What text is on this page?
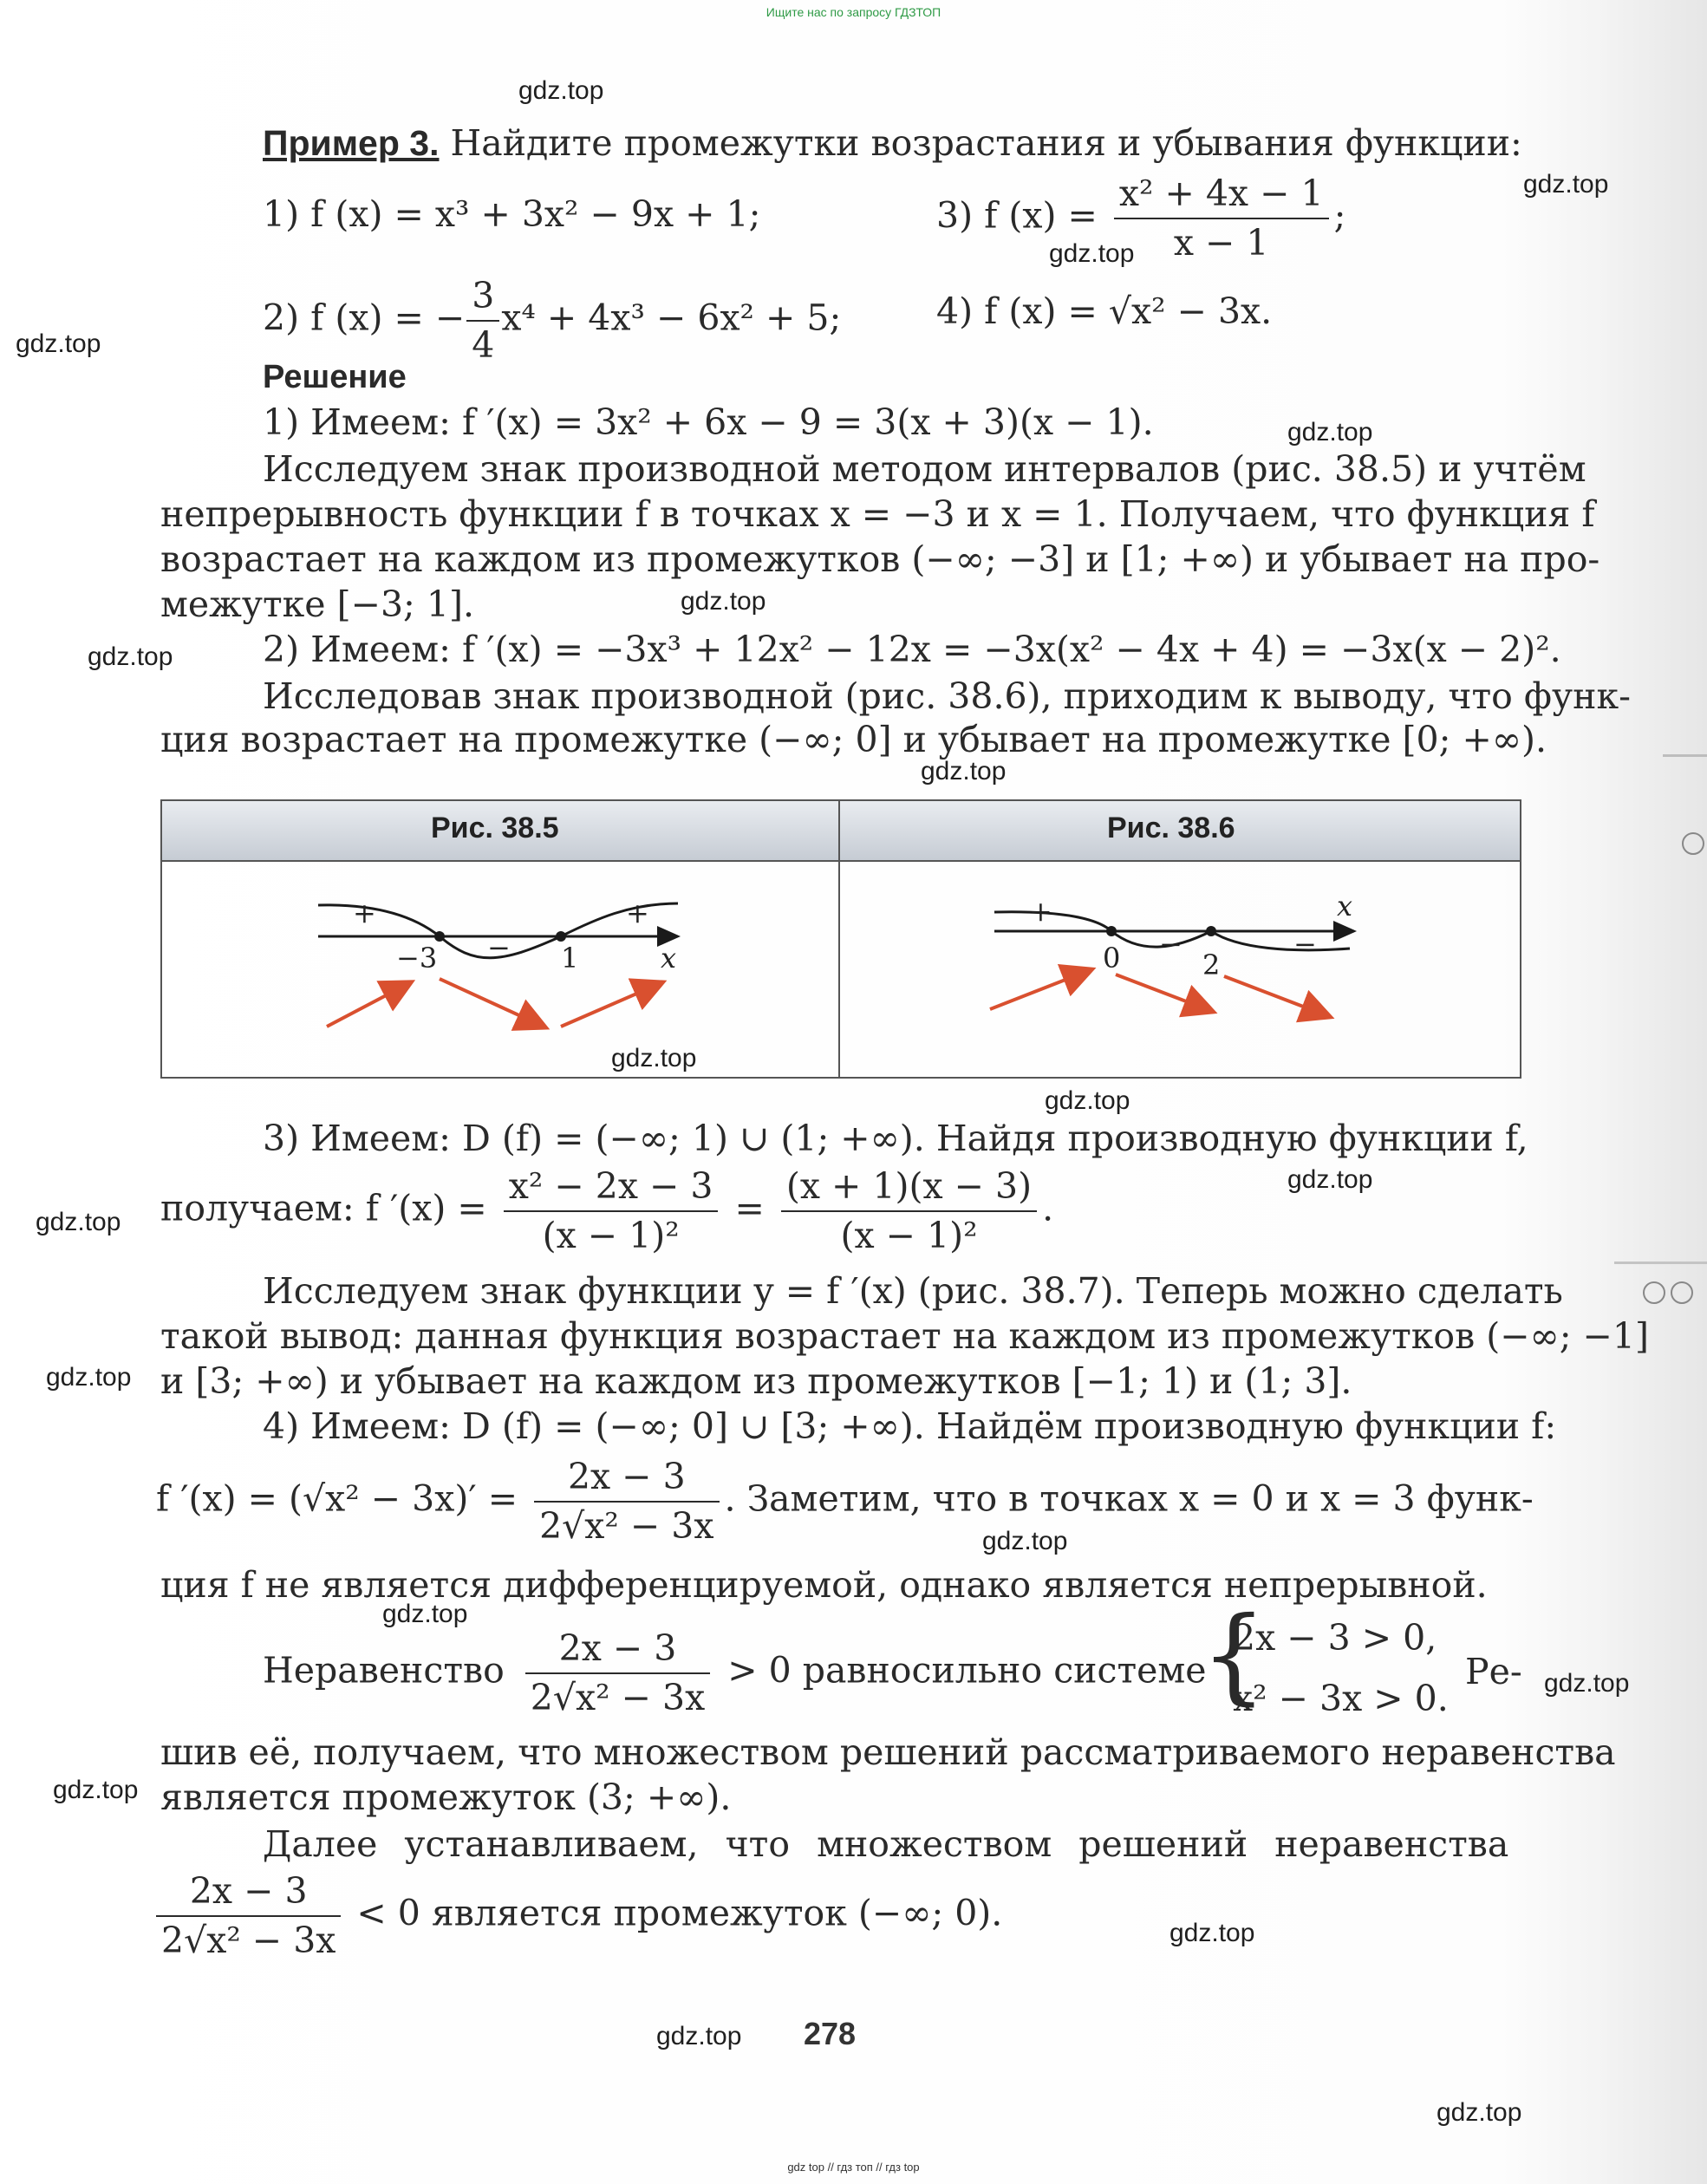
Ищите нас по запросу ГДЗТОП
gdz.top
gdz.top
gdz.top
gdz.top
gdz.top
gdz.top
gdz.top
gdz.top
gdz.top
gdz.top
gdz.top
gdz.top
gdz.top
gdz.top
gdz.top
gdz.top
gdz.top
gdz.top
gdz.top
gdz.top
Пример 3. Найдите промежутки возрастания и убывания функции:
1) f (x) = x³ + 3x² − 9x + 1;	3) f $(x) = \frac{\text{x² + 4x − 1}}{x - 1}$ ;
2) f (x) = − $\frac{3}{4} x^4 + 4x^3 - 6x^2 + 5$;	4) f (x) = √x² − 3x.
Решение
1) Имеем: f ′(x) = 3x² + 6x − 9 = 3(x + 3)(x − 1).
Исследуем знак производной методом интервалов (рис. 38.5) и учтём
непрерывность функции f в точках x = −3 и x = 1. Получаем, что функция f
возрастает на каждом из промежутков (−∞; −3] и [1; +∞) и убывает на про-
межутке [−3; 1].
2) Имеем: f ′(x) = −3x³ + 12x² − 12x = −3x(x² − 4x + 4) = −3x(x − 2)².
Исследовав знак производной (рис. 38.6), приходим к выводу, что функ-
ция возрастает на промежутке (−∞; 0] и убывает на промежутке [0; +∞).
Рис. 38.5	Рис. 38.6
+
−
+
−3	1	x
+
−	−
0	2
x
3) Имеем: D (f) = (−∞; 1) ∪ (1; +∞). Найдя производную функции f,
получаем: f $'(x) = \frac{\text{x² − 2x − 3}}{\text{(x − 1)²}} = \frac{(x + 1)(x - 3)}{\text{(x − 1)²}}$ .
Исследуем знак функции y = f ′(x) (рис. 38.7). Теперь можно сделать
такой вывод: данная функция возрастает на каждом из промежутков (−∞; −1]
и [3; +∞) и убывает на каждом из промежутков [−1; 1) и (1; 3].
4) Имеем: D (f) = (−∞; 0] ∪ [3; +∞). Найдём производную функции f:
f $'(x) = (√x^2 - 3x)' = \frac{2x - 3}{\text{2√x² − 3x}}$ . Заметим, что в точках x = 0 и x = 3 функ-
ция f не является дифференцируемой, однако является непрерывной.
Неравенство $\frac{2x - 3}{\text{2√x² − 3x}} > 0$ равносильно системе
{
2x − 3 > 0,
x² − 3x > 0.
Ре-
шив её, получаем, что множеством решений рассматриваемого неравенства
является промежуток (3; +∞).
Далее устанавливаем, что множеством решений неравенства
$\frac{2x - 3}{\text{2√x² − 3x}} < 0$ является промежуток (−∞; 0).
278
gdz top // гдз топ // гдз top
